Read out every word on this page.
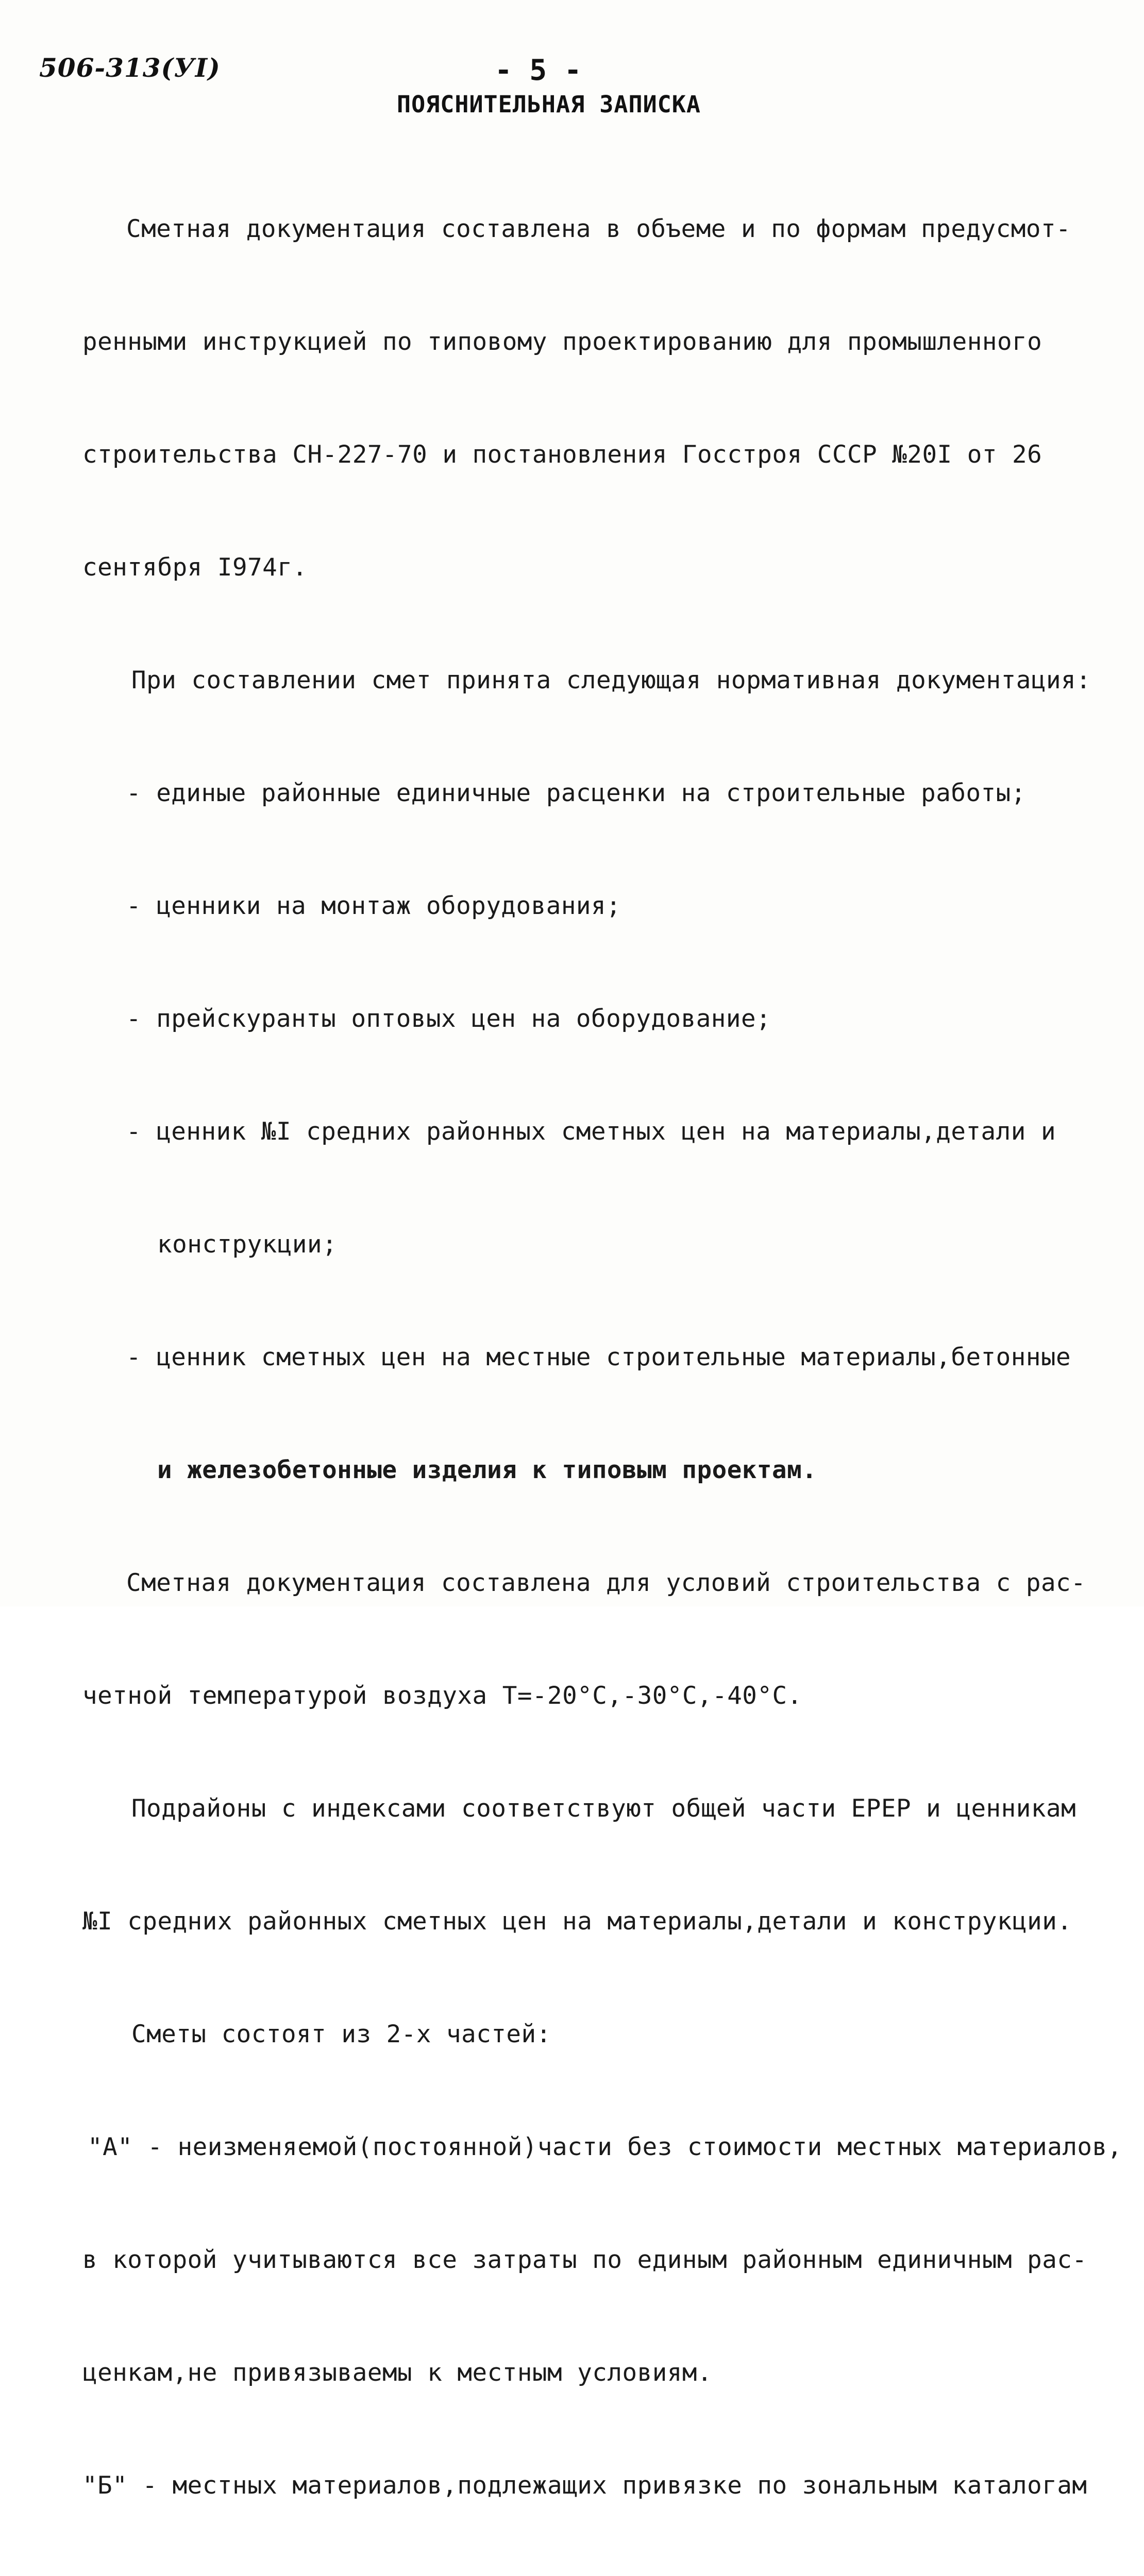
506-313(УI)	- 5 -
ПОЯСНИТЕЛЬНАЯ ЗАПИСКА

Сметная документация составлена в объеме и по формам предусмот-

ренными инструкцией по типовому проектированию для промышленного

строительства СН-227-70 и постановления Госстроя СССР №20I от 26

сентября I974г.

При составлении смет принята следующая нормативная документация:

- единые районные единичные расценки на строительные работы;

- ценники на монтаж оборудования;

- прейскуранты оптовых цен на оборудование;

- ценник №I средних районных сметных цен на материалы,детали и

конструкции;

- ценник сметных цен на местные строительные материалы,бетонные

и железобетонные изделия к типовым проектам.

Сметная документация составлена для условий строительства с рас-

четной температурой воздуха Т=-20°С,-30°С,-40°С.

Подрайоны с индексами соответствуют общей части ЕРЕР и ценникам

№I средних районных сметных цен на материалы,детали и конструкции.

Сметы состоят из 2-х частей:

"А" - неизменяемой(постоянной)части без стоимости местных материалов,

в которой учитываются все затраты по единым районным единичным рас-

ценкам,не привязываемы к местным условиям.

"Б" - местных материалов,подлежащих привязке по зональным каталогам
